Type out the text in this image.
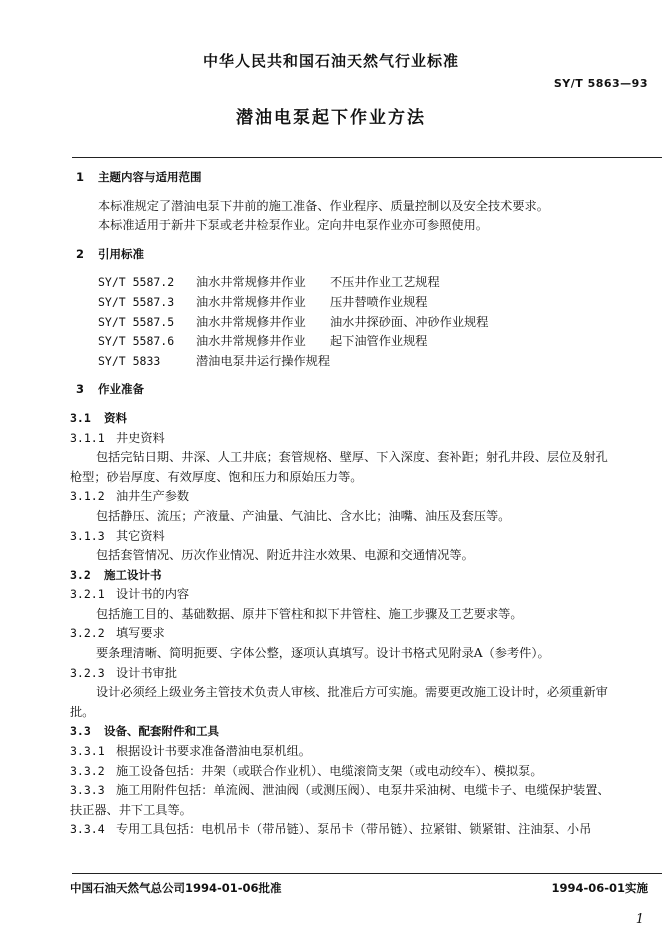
中华人民共和国石油天然气行业标准
SY/T 5863—93
潜油电泵起下作业方法
1 主题内容与适用范围
本标准规定了潜油电泵下井前的施工准备、作业程序、质量控制以及安全技术要求。
本标准适用于新井下泵或老井检泵作业。定向井电泵作业亦可参照使用。
2 引用标准
SY/T 5587.2 油水井常规修井作业 不压井作业工艺规程
SY/T 5587.3 油水井常规修井作业 压井替喷作业规程
SY/T 5587.5 油水井常规修井作业 油水井探砂面、冲砂作业规程
SY/T 5587.6 油水井常规修井作业 起下油管作业规程
SY/T 5833	潜油电泵井运行操作规程
3 作业准备
3.1 资料
3.1.1 井史资料
包括完钻日期、井深、人工井底；套管规格、壁厚、下入深度、套补距；射孔井段、层位及射孔
枪型；砂岩厚度、有效厚度、饱和压力和原始压力等。
3.1.2 油井生产参数
包括静压、流压；产液量、产油量、气油比、含水比；油嘴、油压及套压等。
3.1.3 其它资料
包括套管情况、历次作业情况、附近井注水效果、电源和交通情况等。
3.2 施工设计书
3.2.1 设计书的内容
包括施工目的、基础数据、原井下管柱和拟下井管柱、施工步骤及工艺要求等。
3.2.2 填写要求
要条理清晰、简明扼要、字体公整，逐项认真填写。设计书格式见附录A（参考件）。
3.2.3 设计书审批
设计必须经上级业务主管技术负责人审核、批准后方可实施。需要更改施工设计时，必须重新审
批。
3.3 设备、配套附件和工具
3.3.1 根据设计书要求准备潜油电泵机组。
3.3.2 施工设备包括：井架（或联合作业机）、电缆滚筒支架（或电动绞车）、模拟泵。
3.3.3 施工用附件包括：单流阀、泄油阀（或测压阀）、电泵井采油树、电缆卡子、电缆保护装置、
扶正器、井下工具等。
3.3.4 专用工具包括：电机吊卡（带吊链）、泵吊卡（带吊链）、拉紧钳、锁紧钳、注油泵、小吊
中国石油天然气总公司1994-01-06批准	1994-06-01实施
1
